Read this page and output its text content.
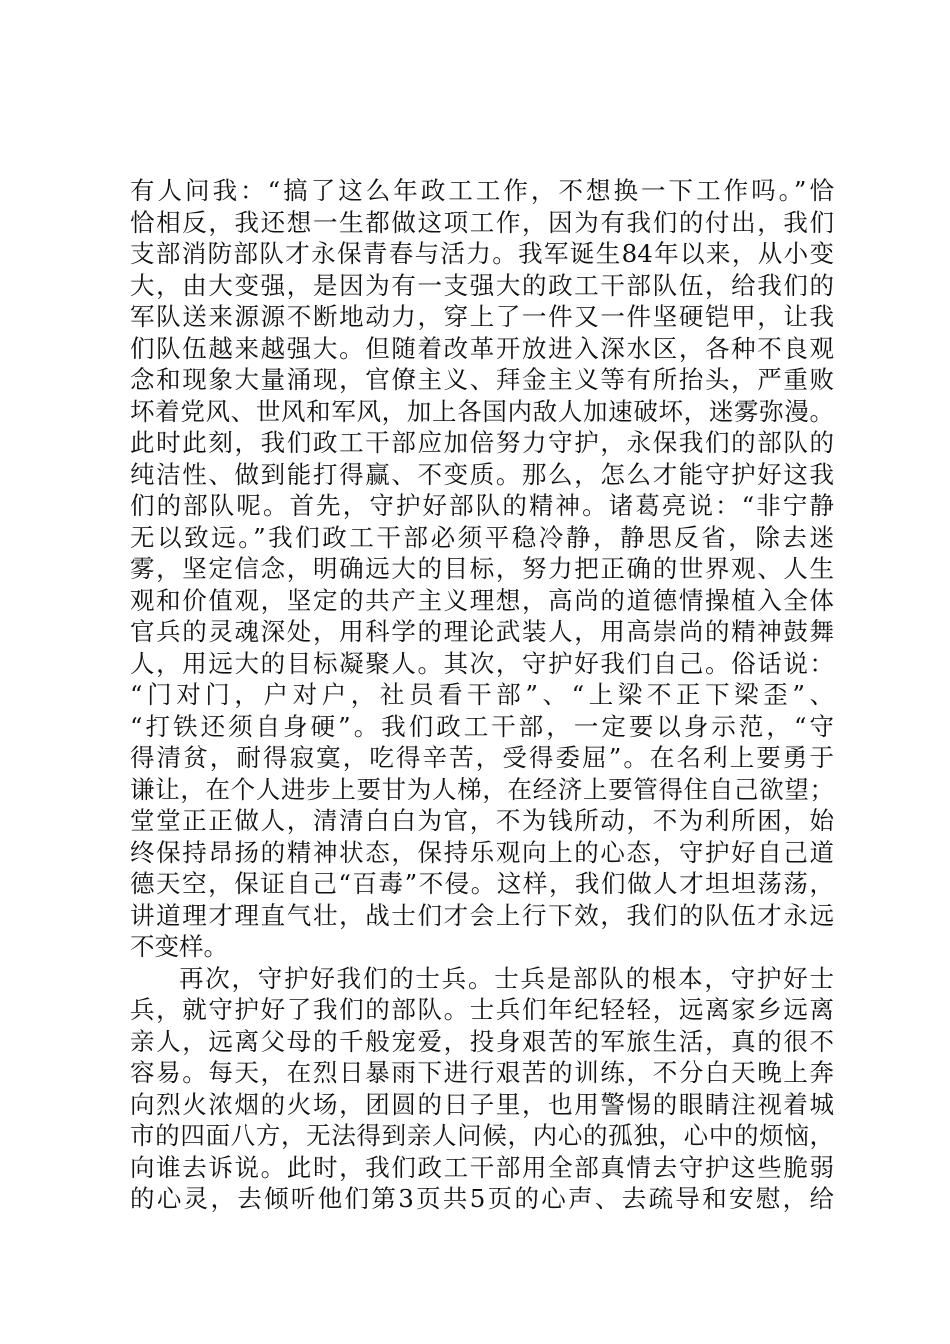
有人问我：“搞了这么年政工工作，不想换一下工作吗。”恰
恰相反，我还想一生都做这项工作，因为有我们的付出，我们
支部消防部队才永保青春与活力。我军诞生84年以来，从小变
大，由大变强，是因为有一支强大的政工干部队伍，给我们的
军队送来源源不断地动力，穿上了一件又一件坚硬铠甲，让我
们队伍越来越强大。但随着改革开放进入深水区，各种不良观
念和现象大量涌现，官僚主义、拜金主义等有所抬头，严重败
坏着党风、世风和军风，加上各国内敌人加速破坏，迷雾弥漫。
此时此刻，我们政工干部应加倍努力守护，永保我们的部队的
纯洁性、做到能打得赢、不变质。那么，怎么才能守护好这我
们的部队呢。首先，守护好部队的精神。诸葛亮说：“非宁静
无以致远。”我们政工干部必须平稳冷静，静思反省，除去迷
雾，坚定信念，明确远大的目标，努力把正确的世界观、人生
观和价值观，坚定的共产主义理想，高尚的道德情操植入全体
官兵的灵魂深处，用科学的理论武装人，用高崇尚的精神鼓舞
人，用远大的目标凝聚人。其次，守护好我们自己。俗话说：
“门对门，户对户，社员看干部”、“上梁不正下梁歪”、
“打铁还须自身硬”。我们政工干部，一定要以身示范，“守
得清贫，耐得寂寞，吃得辛苦，受得委屈”。在名利上要勇于
谦让，在个人进步上要甘为人梯，在经济上要管得住自己欲望；
堂堂正正做人，清清白白为官，不为钱所动，不为利所困，始
终保持昂扬的精神状态，保持乐观向上的心态，守护好自己道
德天空，保证自己“百毒”不侵。这样，我们做人才坦坦荡荡，
讲道理才理直气壮，战士们才会上行下效，我们的队伍才永远
不变样。
再次，守护好我们的士兵。士兵是部队的根本，守护好士
兵，就守护好了我们的部队。士兵们年纪轻轻，远离家乡远离
亲人，远离父母的千般宠爱，投身艰苦的军旅生活，真的很不
容易。每天，在烈日暴雨下进行艰苦的训练，不分白天晚上奔
向烈火浓烟的火场，团圆的日子里，也用警惕的眼睛注视着城
市的四面八方，无法得到亲人问候，内心的孤独，心中的烦恼，
向谁去诉说。此时，我们政工干部用全部真情去守护这些脆弱
的心灵，去倾听他们第3页共5页的心声、去疏导和安慰，给
